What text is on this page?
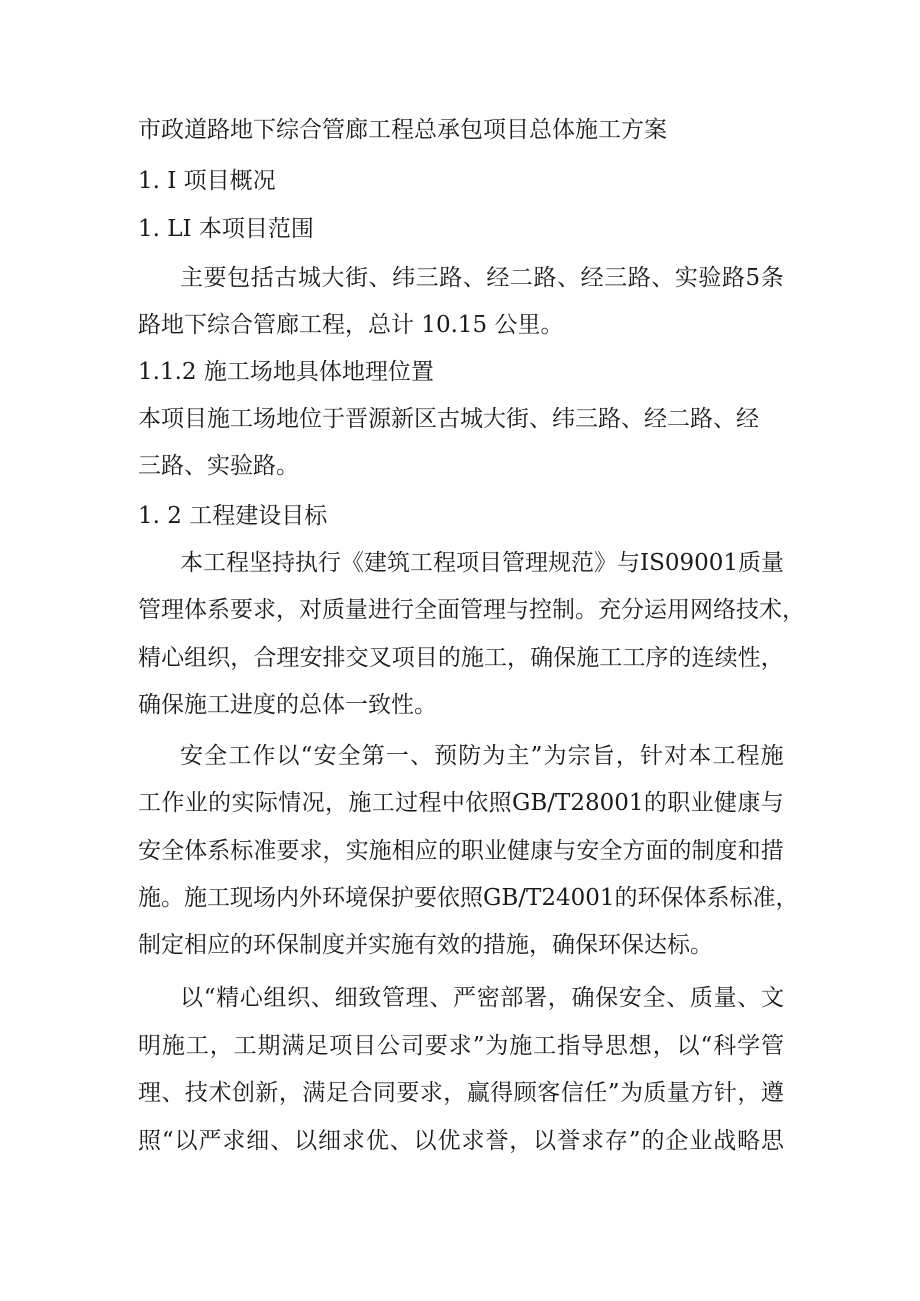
市政道路地下综合管廊工程总承包项目总体施工方案
1. I 项目概况
1. LI 本项目范围
主 要 包 括 古 城 大 街 、 纬 三 路 、 经 二 路 、 经 三 路 、 实 验 路 5 条
路地下综合管廊工程，总计 10.15 公里。
1.1.2 施工场地具体地理位置
本项目施工场地位于晋源新区古城大街、纬三路、经二路、经
三路、实验路。
1. 2 工程建设目标
本 工 程 坚 持 执 行 《 建 筑 工 程 项 目 管 理 规 范 》 与 IS09001 质 量
管 理 体 系 要 求 ， 对 质 量 进 行 全 面 管 理 与 控 制 。 充 分 运 用 网 络 技 术 ，
精 心 组 织 ， 合 理 安 排 交 叉 项 目 的 施 工 ， 确 保 施 工 工 序 的 连 续 性 ，
确保施工进度的总体一致性。
安 全 工 作 以 “ 安 全 第 一 、 预 防 为 主 ” 为 宗 旨 ， 针 对 本 工 程 施
工 作 业 的 实 际 情 况 ， 施 工 过 程 中 依 照 GB/T28001 的 职 业 健 康 与
安 全 体 系 标 准 要 求 ， 实 施 相 应 的 职 业 健 康 与 安 全 方 面 的 制 度 和 措
施 。 施 工 现 场 内 外 环 境 保 护 要 依 照 GB/T24001 的 环 保 体 系 标 准 ，
制定相应的环保制度并实施有效的措施，确保环保达标。
以 “ 精 心 组 织 、 细 致 管 理 、 严 密 部 署 ， 确 保 安 全 、 质 量 、 文
明 施 工 ， 工 期 满 足 项 目 公 司 要 求 ” 为 施 工 指 导 思 想 ， 以 “ 科 学 管
理 、 技 术 创 新 ， 满 足 合 同 要 求 ， 赢 得 顾 客 信 任 ” 为 质 量 方 针 ， 遵
照 “ 以 严 求 细 、 以 细 求 优 、 以 优 求 誉 ， 以 誉 求 存 ” 的 企 业 战 略 思
